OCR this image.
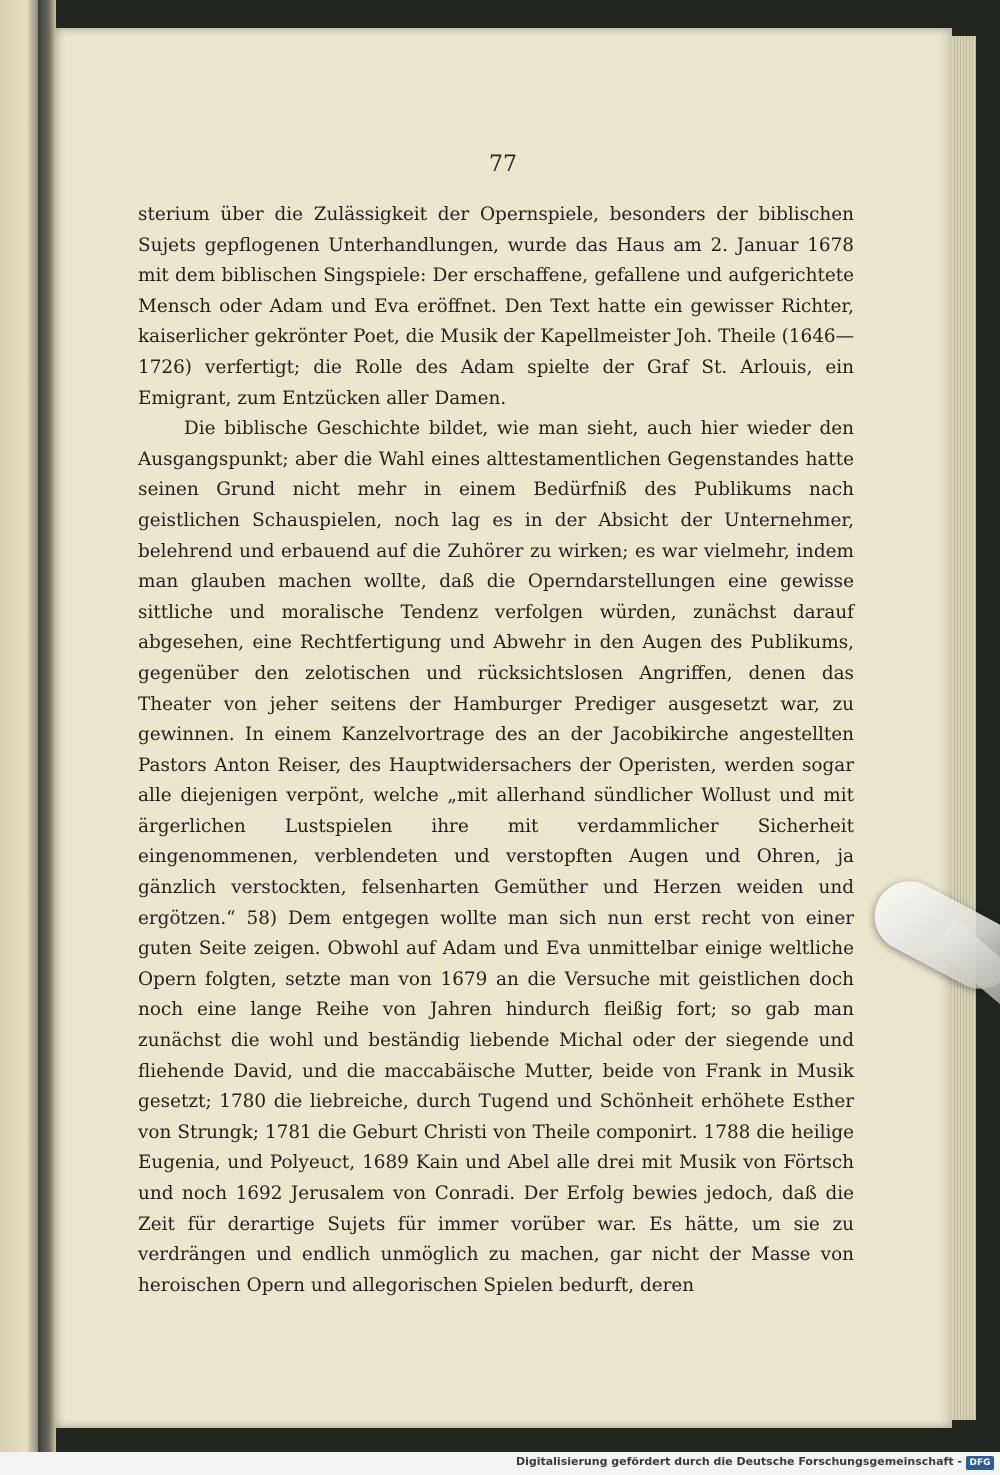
77

sterium über die Zulässigkeit der Opernspiele, besonders der biblischen Sujets gepflogenen Unterhandlungen, wurde das Haus am 2. Januar 1678 mit dem biblischen Singspiele: Der erschaffene, gefallene und aufgerichtete Mensch oder Adam und Eva eröffnet. Den Text hatte ein gewisser Richter, kaiserlicher gekrönter Poet, die Musik der Kapellmeister Joh. Theile (1646—1726) verfertigt; die Rolle des Adam spielte der Graf St. Arlouis, ein Emigrant, zum Entzücken aller Damen.

Die biblische Geschichte bildet, wie man sieht, auch hier wieder den Ausgangspunkt; aber die Wahl eines alttestamentlichen Gegenstandes hatte seinen Grund nicht mehr in einem Bedürfniß des Publikums nach geistlichen Schauspielen, noch lag es in der Absicht der Unternehmer, belehrend und erbauend auf die Zuhörer zu wirken; es war vielmehr, indem man glauben machen wollte, daß die Operndarstellungen eine gewisse sittliche und moralische Tendenz verfolgen würden, zunächst darauf abgesehen, eine Rechtfertigung und Abwehr in den Augen des Publikums, gegenüber den zelotischen und rücksichtslosen Angriffen, denen das Theater von jeher seitens der Hamburger Prediger ausgesetzt war, zu gewinnen. In einem Kanzelvortrage des an der Jacobikirche angestellten Pastors Anton Reiser, des Hauptwidersachers der Operisten, werden sogar alle diejenigen verpönt, welche „mit allerhand sündlicher Wollust und mit ärgerlichen Lustspielen ihre mit verdammlicher Sicherheit eingenommenen, verblendeten und verstopften Augen und Ohren, ja gänzlich verstockten, felsenharten Gemüther und Herzen weiden und ergötzen.“ 58) Dem entgegen wollte man sich nun erst recht von einer guten Seite zeigen. Obwohl auf Adam und Eva unmittelbar einige weltliche Opern folgten, setzte man von 1679 an die Versuche mit geistlichen doch noch eine lange Reihe von Jahren hindurch fleißig fort; so gab man zunächst die wohl und beständig liebende Michal oder der siegende und fliehende David, und die maccabäische Mutter, beide von Frank in Musik gesetzt; 1780 die liebreiche, durch Tugend und Schönheit erhöhete Esther von Strungk; 1781 die Geburt Christi von Theile componirt. 1788 die heilige Eugenia, und Polyeuct, 1689 Kain und Abel alle drei mit Musik von Förtsch und noch 1692 Jerusalem von Conradi. Der Erfolg bewies jedoch, daß die Zeit für derartige Sujets für immer vorüber war. Es hätte, um sie zu verdrängen und endlich unmöglich zu machen, gar nicht der Masse von heroischen Opern und allegorischen Spielen bedurft, deren

Digitalisierung gefördert durch die Deutsche Forschungsgemeinschaft - DFG
